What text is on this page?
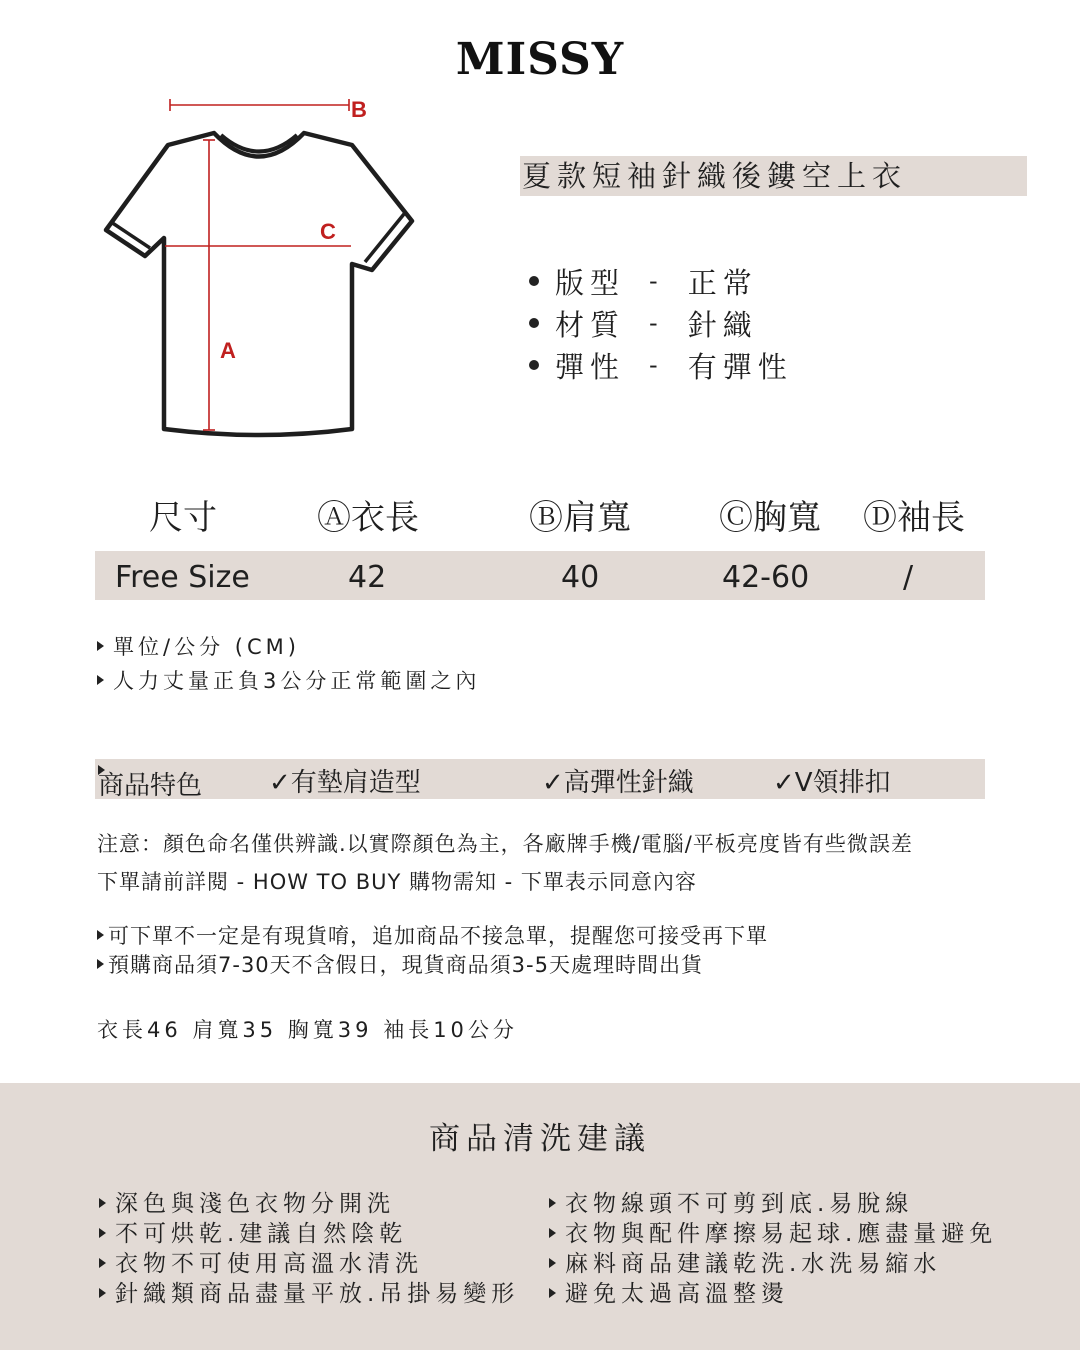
MISSY
A
B
C
夏款短袖針織後鏤空上衣
版型 - 正常
材質 - 針織
彈性 - 有彈性
尺寸	Ⓐ衣長	Ⓑ肩寬	Ⓒ胸寬 Ⓓ袖長
Free Size	42	40	42-60	/
單位/公分 (CM)
人力丈量正負3公分正常範圍之內
商品特色	✓有墊肩造型	✓高彈性針織	✓V領排扣
注意：顏色命名僅供辨識.以實際顏色為主，各廠牌手機/電腦/平板亮度皆有些微誤差
下單請前詳閱 - HOW TO BUY 購物需知 - 下單表示同意內容
可下單不一定是有現貨唷，追加商品不接急單，提醒您可接受再下單
預購商品須7-30天不含假日，現貨商品須3-5天處理時間出貨
衣長46 肩寬35 胸寬39 袖長10公分
商品清洗建議
深色與淺色衣物分開洗
不可烘乾.建議自然陰乾
衣物不可使用高溫水清洗
針織類商品盡量平放.吊掛易變形
衣物線頭不可剪到底.易脫線
衣物與配件摩擦易起球.應盡量避免
麻料商品建議乾洗.水洗易縮水
避免太過高溫整燙
